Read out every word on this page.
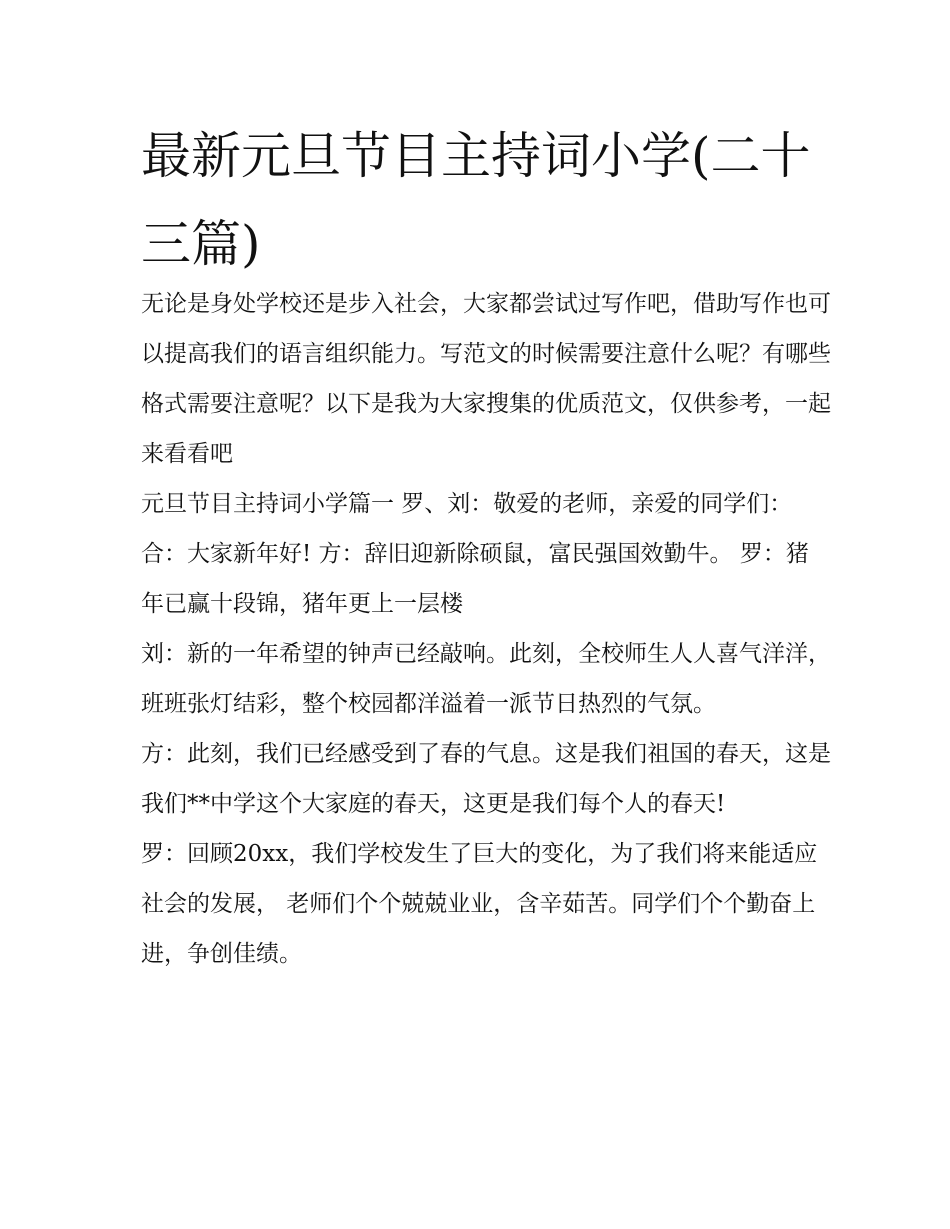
最新元旦节目主持词小学(二十三篇)

无论是身处学校还是步入社会，大家都尝试过写作吧，借助写作也可以提高我们的语言组织能力。写范文的时候需要注意什么呢？有哪些格式需要注意呢？以下是我为大家搜集的优质范文，仅供参考，一起来看看吧

元旦节目主持词小学篇一 罗、刘：敬爱的老师，亲爱的同学们： 合：大家新年好! 方：辞旧迎新除硕鼠，富民强国效勤牛。 罗：猪年已赢十段锦，猪年更上一层楼

刘：新的一年希望的钟声已经敲响。此刻，全校师生人人喜气洋洋，班班张灯结彩，整个校园都洋溢着一派节日热烈的气氛。

方：此刻，我们已经感受到了春的气息。这是我们祖国的春天，这是我们**中学这个大家庭的春天，这更是我们每个人的春天!

罗：回顾20xx，我们学校发生了巨大的变化，为了我们将来能适应社会的发展， 老师们个个兢兢业业，含辛茹苦。同学们个个勤奋上进，争创佳绩。
